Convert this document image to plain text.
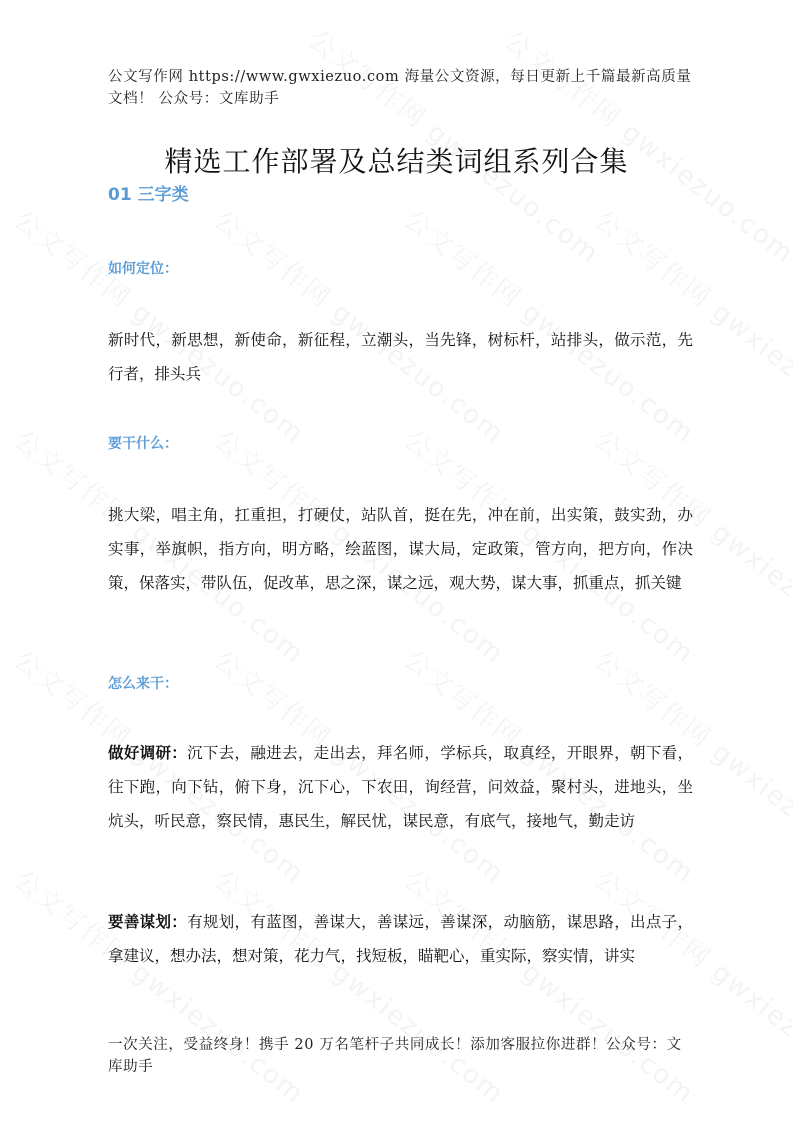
公文写作网 https://www.gwxiezuo.com 海量公文资源，每日更新上千篇最新高质量文档！ 公众号：文库助手
精选工作部署及总结类词组系列合集
01 三字类
如何定位：
新时代，新思想，新使命，新征程，立潮头，当先锋，树标杆，站排头，做示范，先行者，排头兵
要干什么：
挑大梁，唱主角，扛重担，打硬仗，站队首，挺在先，冲在前，出实策，鼓实劲，办实事，举旗帜，指方向，明方略，绘蓝图，谋大局，定政策，管方向，把方向，作决策，保落实，带队伍，促改革，思之深，谋之远，观大势，谋大事，抓重点，抓关键
怎么来干：
做好调研：沉下去，融进去，走出去，拜名师，学标兵，取真经，开眼界，朝下看，往下跑，向下钻，俯下身，沉下心，下农田，询经营，问效益，聚村头，进地头，坐炕头，听民意，察民情，惠民生，解民忧，谋民意，有底气，接地气，勤走访
要善谋划：有规划，有蓝图，善谋大，善谋远，善谋深，动脑筋，谋思路，出点子，拿建议，想办法，想对策，花力气，找短板，瞄靶心，重实际，察实情，讲实
一次关注，受益终身！携手 20 万名笔杆子共同成长！添加客服拉你进群！公众号：文库助手
